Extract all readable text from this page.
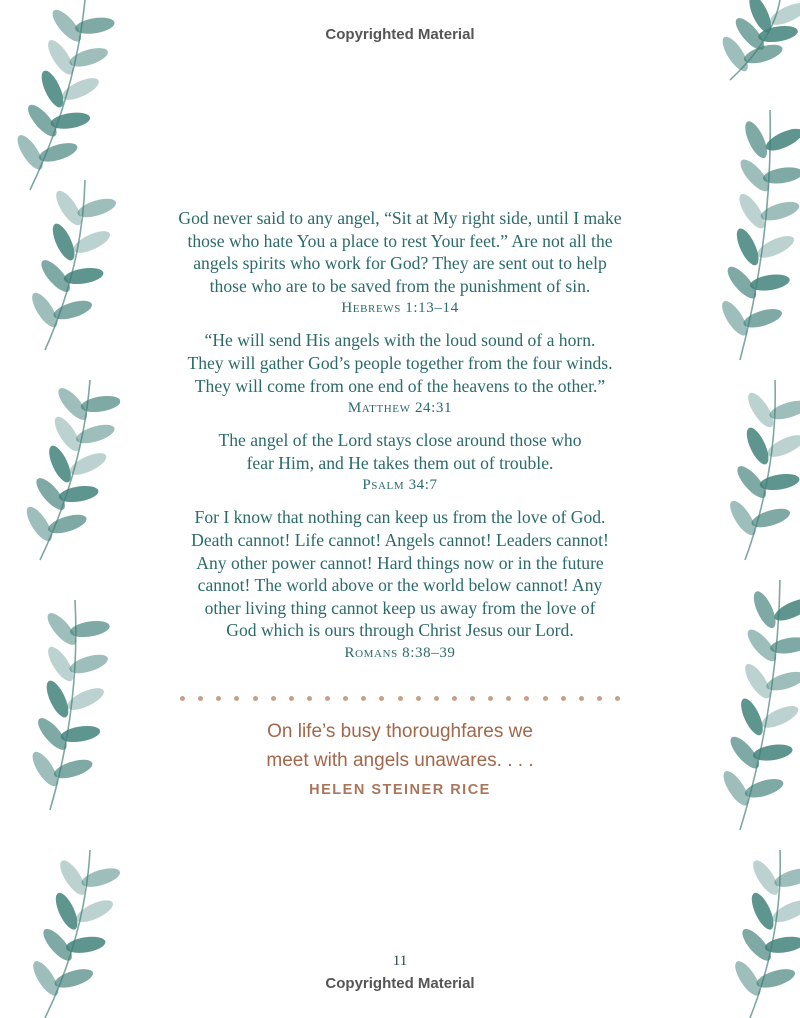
Copyrighted Material

God never said to any angel, “Sit at My right side, until I make
those who hate You a place to rest Your feet.” Are not all the
angels spirits who work for God? They are sent out to help
those who are to be saved from the punishment of sin.

Hebrews 1:13–14

“He will send His angels with the loud sound of a horn.
They will gather God’s people together from the four winds.
They will come from one end of the heavens to the other.”

Matthew 24:31

The angel of the Lord stays close around those who
fear Him, and He takes them out of trouble.

Psalm 34:7

For I know that nothing can keep us from the love of God.
Death cannot! Life cannot! Angels cannot! Leaders cannot!
Any other power cannot! Hard things now or in the future
cannot! The world above or the world below cannot! Any
other living thing cannot keep us away from the love of
God which is ours through Christ Jesus our Lord.

Romans 8:38–39
On life’s busy thoroughfares we
meet with angels unawares. . . .
HELEN STEINER RICE
11
Copyrighted Material
